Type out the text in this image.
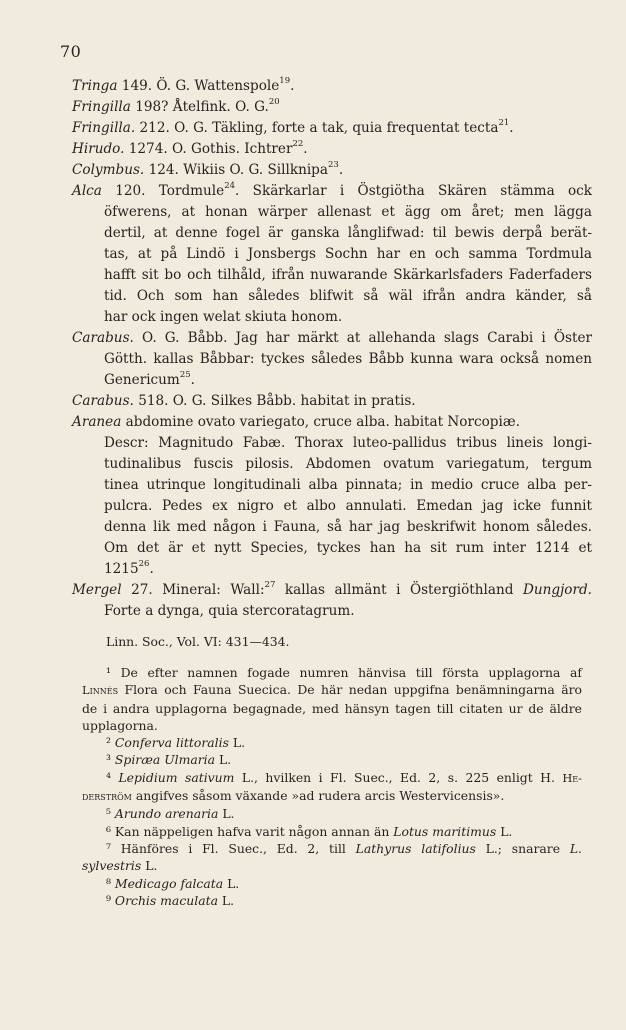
70

Tringa 149. Ö. G. Wattenspole$^{19}$.

Fringilla 198? Åtelfink. O. G.$^{20}$

Fringilla. 212. O. G. Täkling, forte a tak, quia frequentat tecta$^{21}$.

Hirudo. 1274. O. Gothis. Ichtrer$^{22}$.

Colymbus. 124. Wikiis O. G. Sillknipa$^{23}$.

Alca 120. Tordmule$^{24}$. Skärkarlar i Östgiötha Skären stämma ock
öfwerens, at honan wärper allenast et ägg om året; men lägga
dertil, at denne fogel är ganska långlifwad: til bewis derpå berät-
tas, at på Lindö i Jonsbergs Sochn har en och samma Tordmula
hafft sit bo och tilhåld, ifrån nuwarande Skärkarlsfaders Faderfaders
tid. Och som han således blifwit så wäl ifrån andra känder, så
har ock ingen welat skiuta honom.
Carabus. O. G. Båbb. Jag har märkt at allehanda slags Carabi i Öster
Götth. kallas Båbbar: tyckes således Båbb kunna wara också nomen
Genericum$^{25}$.

Carabus. 518. O. G. Silkes Båbb. habitat in pratis.

Aranea abdomine ovato variegato, cruce alba. habitat Norcopiæ.

Descr: Magnitudo Fabæ. Thorax luteo-pallidus tribus lineis longi-
tudinalibus fuscis pilosis. Abdomen ovatum variegatum, tergum
tinea utrinque longitudinali alba pinnata; in medio cruce alba per-
pulcra. Pedes ex nigro et albo annulati. Emedan jag icke funnit
denna lik med någon i Fauna, så har jag beskrifwit honom således.
Om det är et nytt Species, tyckes han ha sit rum inter 1214 et
1215$^{26}$.
Mergel 27. Mineral: Wall:$^{27}$ kallas allmänt i Östergiöthland Dungjord.
Forte a dynga, quia stercoratagrum.
Linn. Soc., Vol. VI: 431—434.
¹ De efter namnen fogade numren hänvisa till första upplagorna af
Linnés Flora och Fauna Suecica. De här nedan uppgifna benämningarna äro
de i andra upplagorna begagnade, med hänsyn tagen till citaten ur de äldre
upplagorna.
² Conferva littoralis L.
³ Spiræa Ulmaria L.
⁴ Lepidium sativum L., hvilken i Fl. Suec., Ed. 2, s. 225 enligt H. He-
derström angifves såsom växande »ad rudera arcis Westervicensis».
⁵ Arundo arenaria L.
⁶ Kan näppeligen hafva varit någon annan än Lotus maritimus L.
⁷ Hänföres i Fl. Suec., Ed. 2, till Lathyrus latifolius L.; snarare L.
sylvestris L.
⁸ Medicago falcata L.
⁹ Orchis maculata L.
